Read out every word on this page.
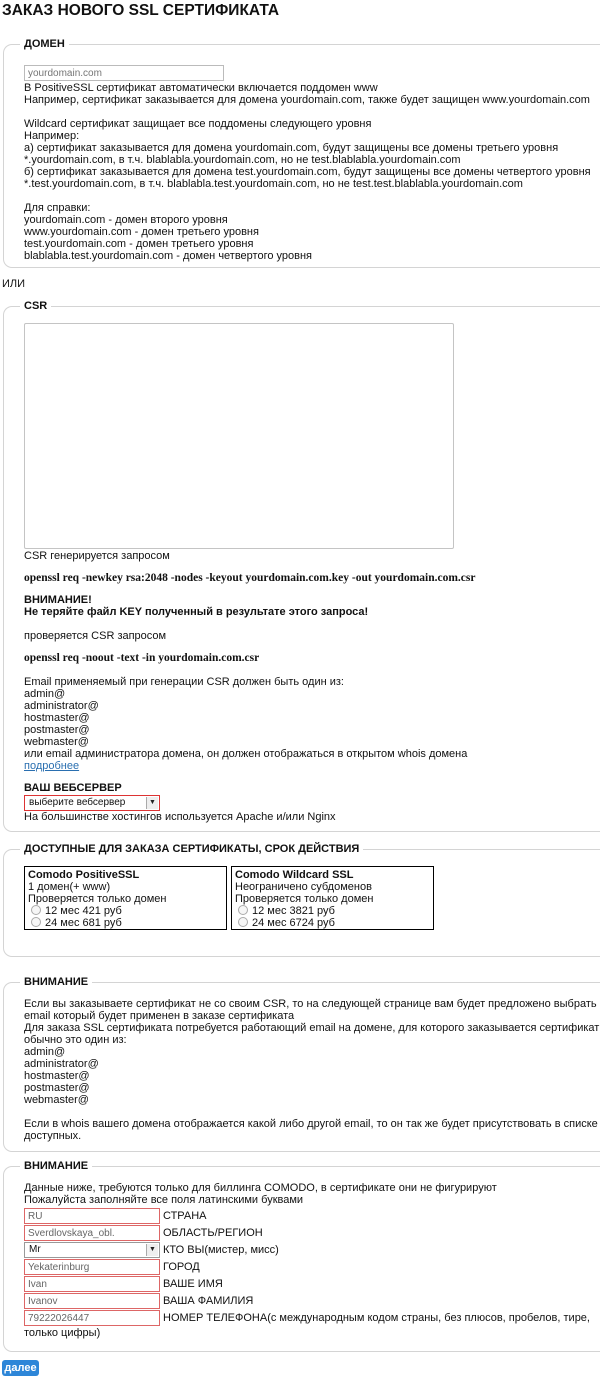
ЗАКАЗ НОВОГО SSL СЕРТИФИКАТА
ДОМЕН
yourdomain.com
В PositiveSSL сертификат автоматически включается поддомен www
Например, сертификат заказывается для домена yourdomain.com, также будет защищен www.yourdomain.com
Wildcard сертификат защищает все поддомены следующего уровня
Например:
а) сертификат заказывается для домена yourdomain.com, будут защищены все домены третьего уровня
*.yourdomain.com, в т.ч. blablabla.yourdomain.com, но не test.blablabla.yourdomain.com
б) сертификат заказывается для домена test.yourdomain.com, будут защищены все домены четвертого уровня
*.test.yourdomain.com, в т.ч. blablabla.test.yourdomain.com, но не test.test.blablabla.yourdomain.com
Для справки:
yourdomain.com - домен второго уровня
www.yourdomain.com - домен третьего уровня
test.yourdomain.com - домен третьего уровня
blablabla.test.yourdomain.com - домен четвертого уровня
ИЛИ
CSR
CSR генерируется запросом
openssl req -newkey rsa:2048 -nodes -keyout yourdomain.com.key -out yourdomain.com.csr
ВНИМАНИЕ!
Не теряйте файл KEY полученный в результате этого запроса!
проверяется CSR запросом
openssl req -noout -text -in yourdomain.com.csr
Email применяемый при генерации CSR должен быть один из:
admin@
administrator@
hostmaster@
postmaster@
webmaster@
или email администратора домена, он должен отображаться в открытом whois домена
подробнее
ВАШ ВЕБСЕРВЕР
выберите вебсервер	▼
На большинстве хостингов используется Apache и/или Nginx
ДОСТУПНЫЕ ДЛЯ ЗАКАЗА СЕРТИФИКАТЫ, СРОК ДЕЙСТВИЯ
Comodo PositiveSSL
1 домен(+ www)
Проверяется только домен
12 мес 421 руб
24 мес 681 руб
Comodo Wildcard SSL
Неограничено субдоменов
Проверяется только домен
12 мес 3821 руб
24 мес 6724 руб
ВНИМАНИЕ
Если вы заказываете сертификат не со своим CSR, то на следующей странице вам будет предложено выбрать
email который будет применен в заказе сертификата
Для заказа SSL сертификата потребуется работающий email на домене, для которого заказывается сертификат
обычно это один из:
admin@
administrator@
hostmaster@
postmaster@
webmaster@
Если в whois вашего домена отображается какой либо другой email, то он так же будет присутствовать в списке
доступных.
ВНИМАНИЕ
Данные ниже, требуются только для биллинга COMODO, в сертификате они не фигурируют
Пожалуйста заполняйте все поля латинскими буквами
RU
СТРАНА
Sverdlovskaya_obl.
ОБЛАСТЬ/РЕГИОН
Mr	▼ КТО ВЫ(мистер, мисс)
Yekaterinburg
ГОРОД
Ivan
ВАШЕ ИМЯ
Ivanov
ВАША ФАМИЛИЯ
79222026447
НОМЕР ТЕЛЕФОНА(с международным кодом страны, без плюсов, пробелов, тире,
только цифры)
далее
